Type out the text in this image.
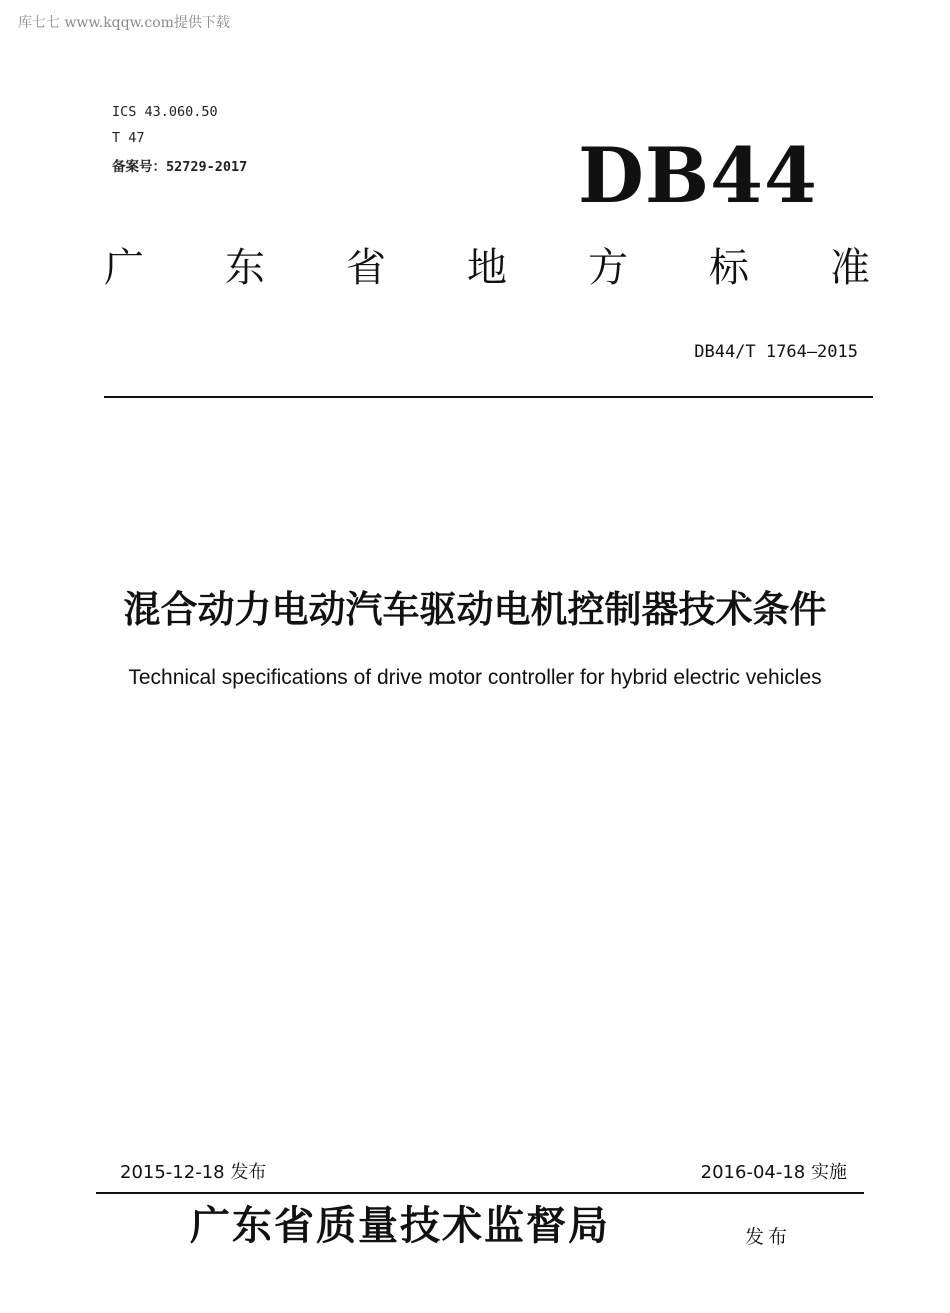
库七七 www.kqqw.com提供下载
ICS 43.060.50
T 47
备案号：52729-2017	DB44
广 东 省 地 方 标 准
DB44/T 1764—2015
混合动力电动汽车驱动电机控制器技术条件
Technical specifications of drive motor controller for hybrid electric vehicles
2015-12-18 发布	2016-04-18 实施
广东省质量技术监督局	发布
